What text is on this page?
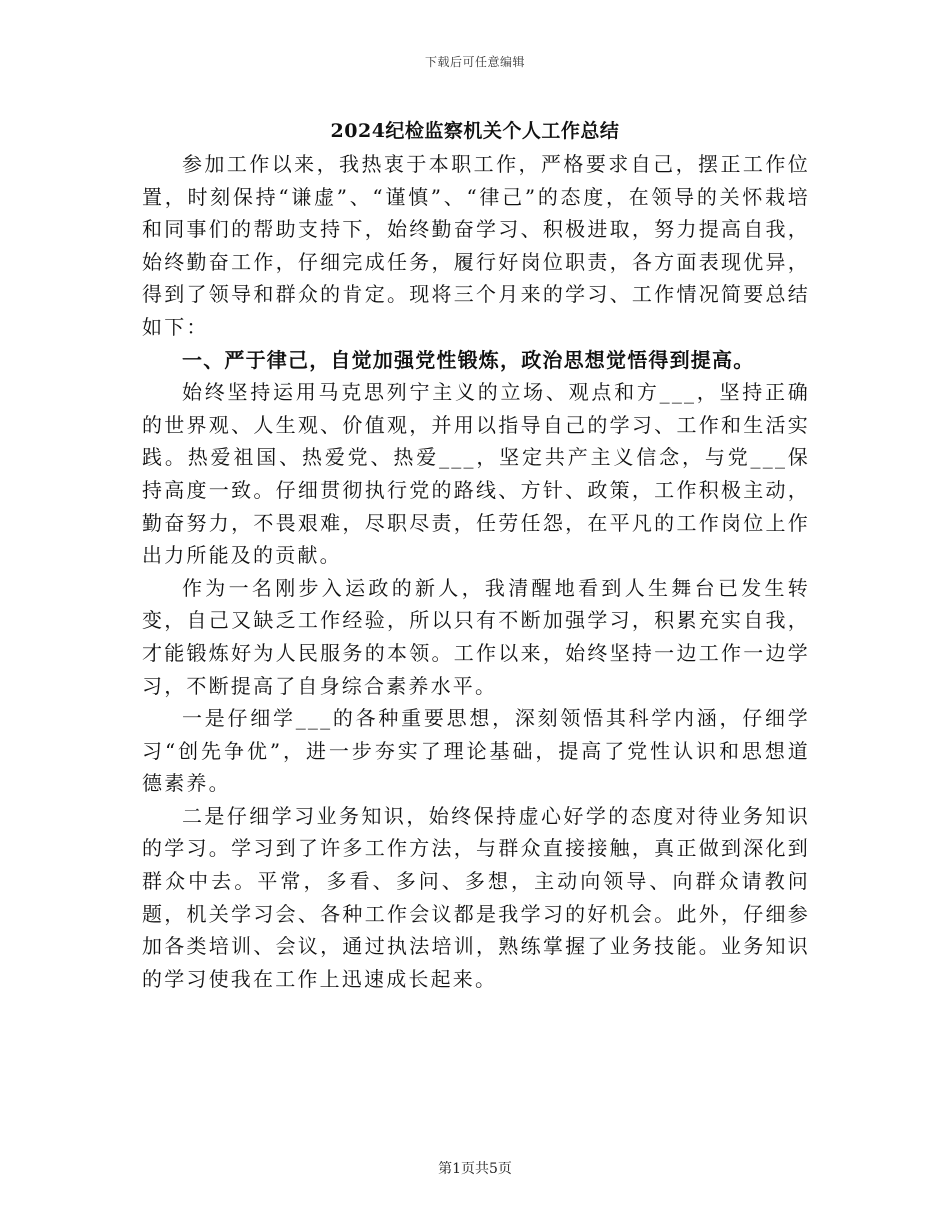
下载后可任意编辑
2024纪检监察机关个人工作总结

参加工作以来，我热衷于本职工作，严格要求自己，摆正工作位置，时刻保持“谦虚”、“谨慎”、“律己”的态度，在领导的关怀栽培和同事们的帮助支持下，始终勤奋学习、积极进取，努力提高自我，始终勤奋工作，仔细完成任务，履行好岗位职责，各方面表现优异，得到了领导和群众的肯定。现将三个月来的学习、工作情况简要总结如下：

一、严于律己，自觉加强党性锻炼，政治思想觉悟得到提高。

始终坚持运用马克思列宁主义的立场、观点和方___，坚持正确的世界观、人生观、价值观，并用以指导自己的学习、工作和生活实践。热爱祖国、热爱党、热爱___，坚定共产主义信念，与党___保持高度一致。仔细贯彻执行党的路线、方针、政策，工作积极主动，勤奋努力，不畏艰难，尽职尽责，任劳任怨，在平凡的工作岗位上作出力所能及的贡献。

作为一名刚步入运政的新人，我清醒地看到人生舞台已发生转变，自己又缺乏工作经验，所以只有不断加强学习，积累充实自我，才能锻炼好为人民服务的本领。工作以来，始终坚持一边工作一边学习，不断提高了自身综合素养水平。

一是仔细学___的各种重要思想，深刻领悟其科学内涵，仔细学习“创先争优”，进一步夯实了理论基础，提高了党性认识和思想道德素养。

二是仔细学习业务知识，始终保持虚心好学的态度对待业务知识的学习。学习到了许多工作方法，与群众直接接触，真正做到深化到群众中去。平常，多看、多问、多想，主动向领导、向群众请教问题，机关学习会、各种工作会议都是我学习的好机会。此外，仔细参加各类培训、会议，通过执法培训，熟练掌握了业务技能。业务知识的学习使我在工作上迅速成长起来。

第1页共5页
